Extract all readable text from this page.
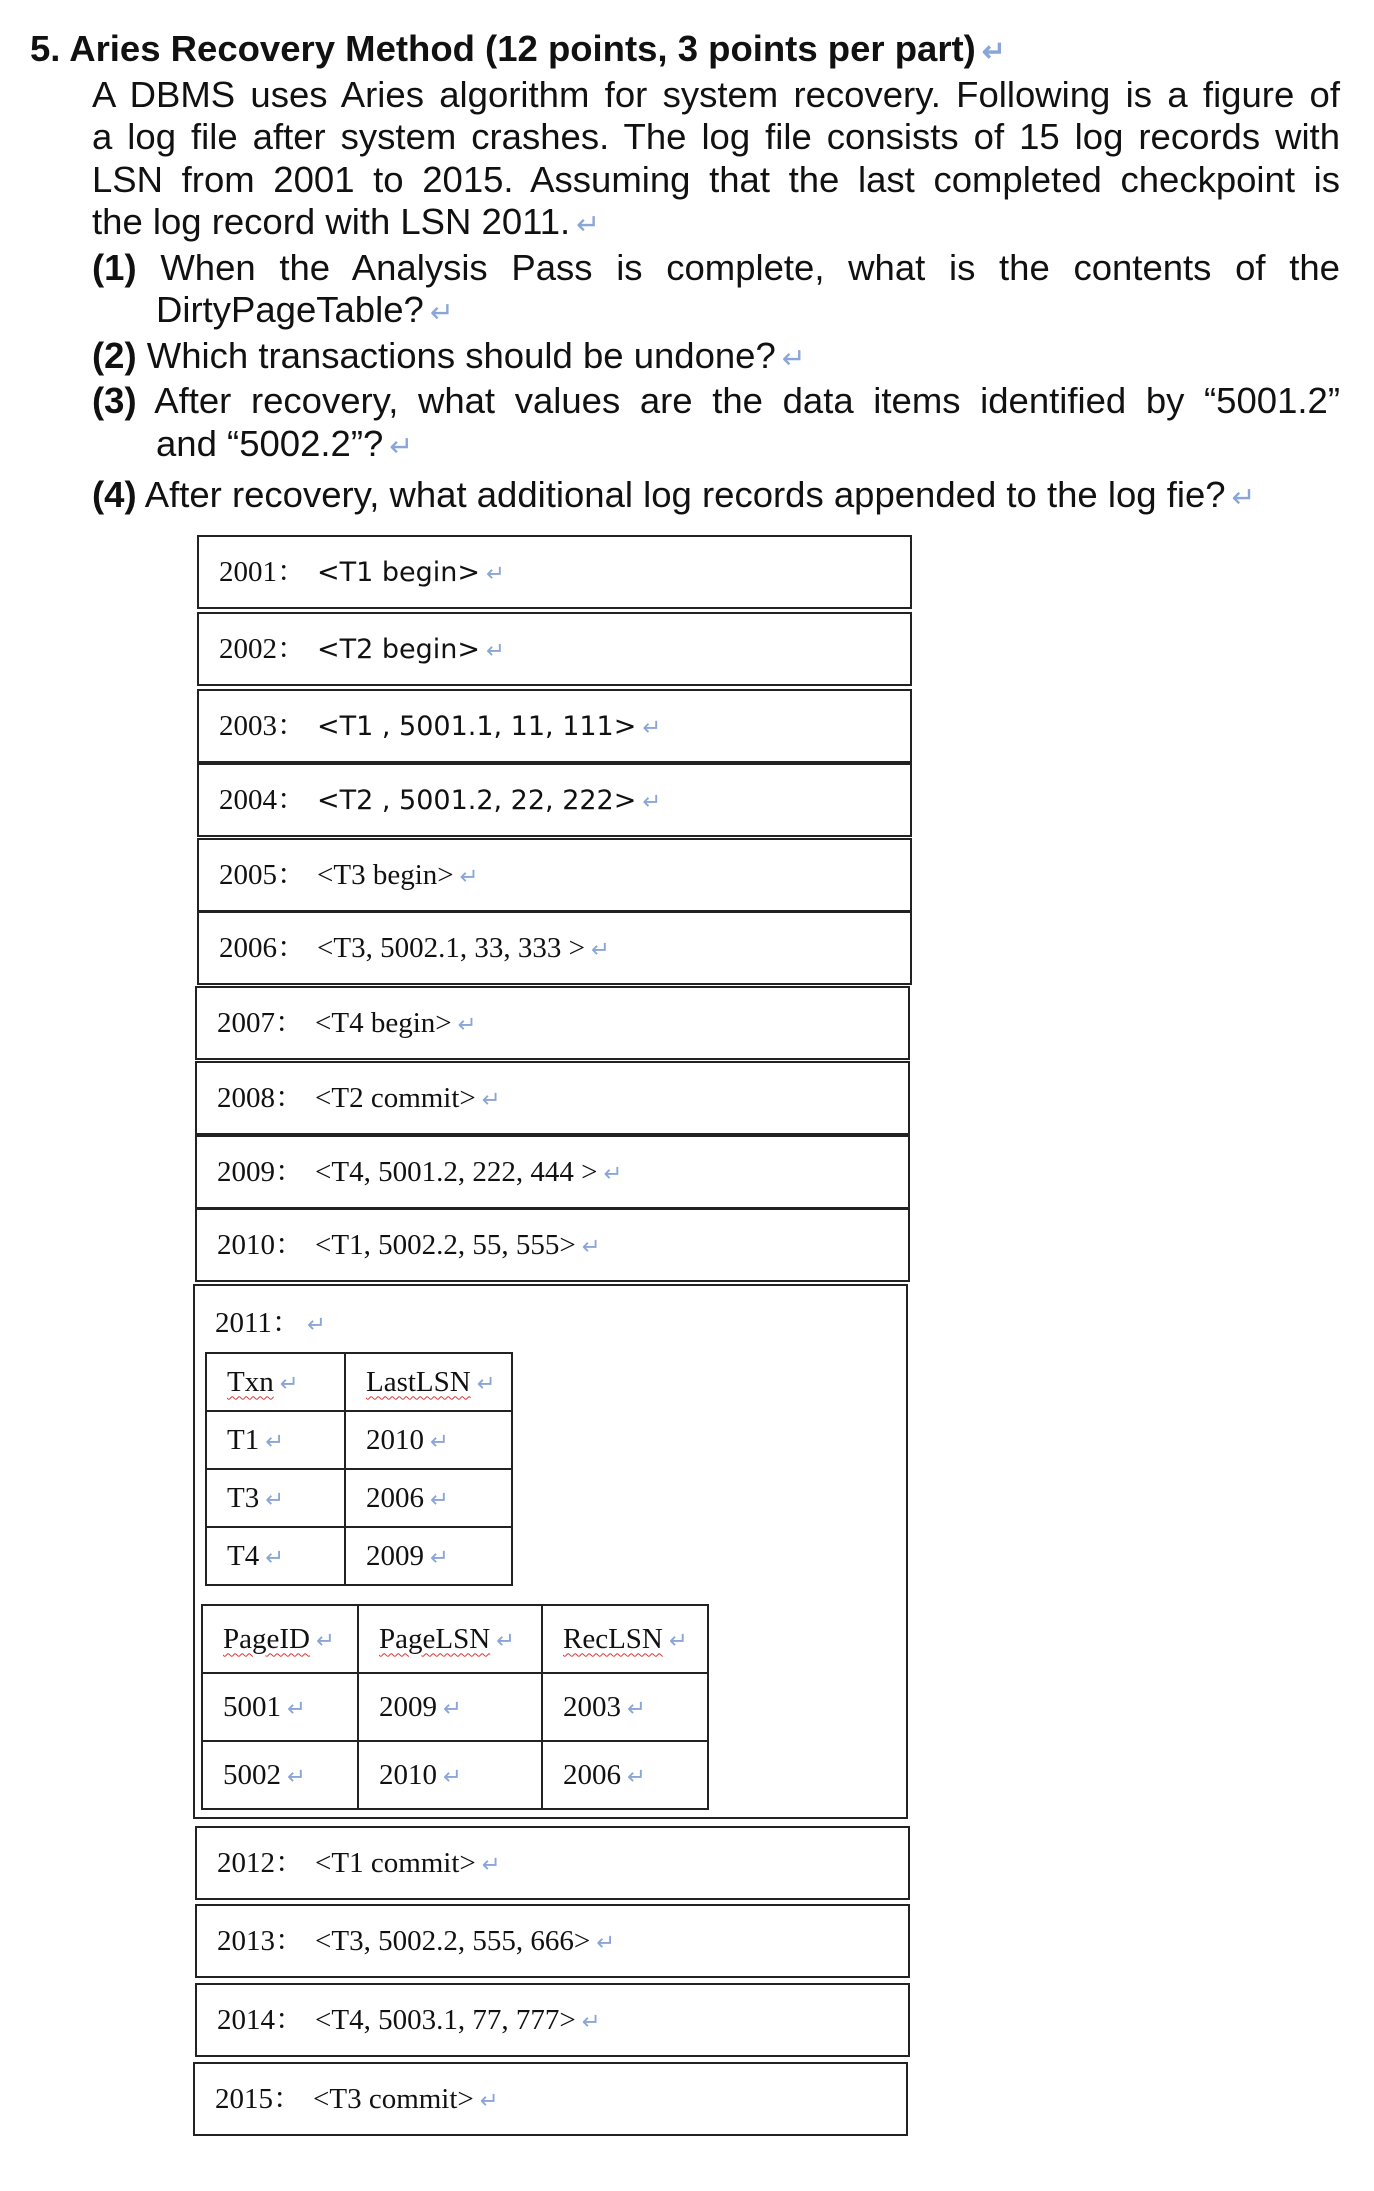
5. Aries Recovery Method (12 points, 3 points per part) ↵
A DBMS uses Aries algorithm for system recovery. Following is a figure of
a log file after system crashes. The log file consists of 15 log records with
LSN from 2001 to 2015. Assuming that the last completed checkpoint is
the log record with LSN 2011. ↵
(1) When the Analysis Pass is complete, what is the contents of the
DirtyPageTable? ↵
(2) Which transactions should be undone? ↵
(3) After recovery, what values are the data items identified by “5001.2”
and “5002.2”? ↵
(4) After recovery, what additional log records appended to the log fie? ↵
2001： <T1 begin> ↵
2002： <T2 begin> ↵
2003： <T1 , 5001.1, 11, 111> ↵
2004： <T2 , 5001.2, 22, 222> ↵
2005： <T3 begin> ↵
2006： <T3, 5002.1, 33, 333 > ↵
2007： <T4 begin> ↵
2008： <T2 commit> ↵
2009： <T4, 5001.2, 222, 444 > ↵
2010： <T1, 5002.2, 55, 555> ↵
2011： ↵
Txn ↵	LastLSN ↵
T1 ↵	2010 ↵
T3 ↵	2006 ↵
T4 ↵	2009 ↵
PageID ↵	PageLSN ↵	RecLSN ↵
5001 ↵	2009 ↵	2003 ↵
5002 ↵	2010 ↵	2006 ↵
2012： <T1 commit> ↵
2013： <T3, 5002.2, 555, 666> ↵
2014： <T4, 5003.1, 77, 777> ↵
2015： <T3 commit> ↵
